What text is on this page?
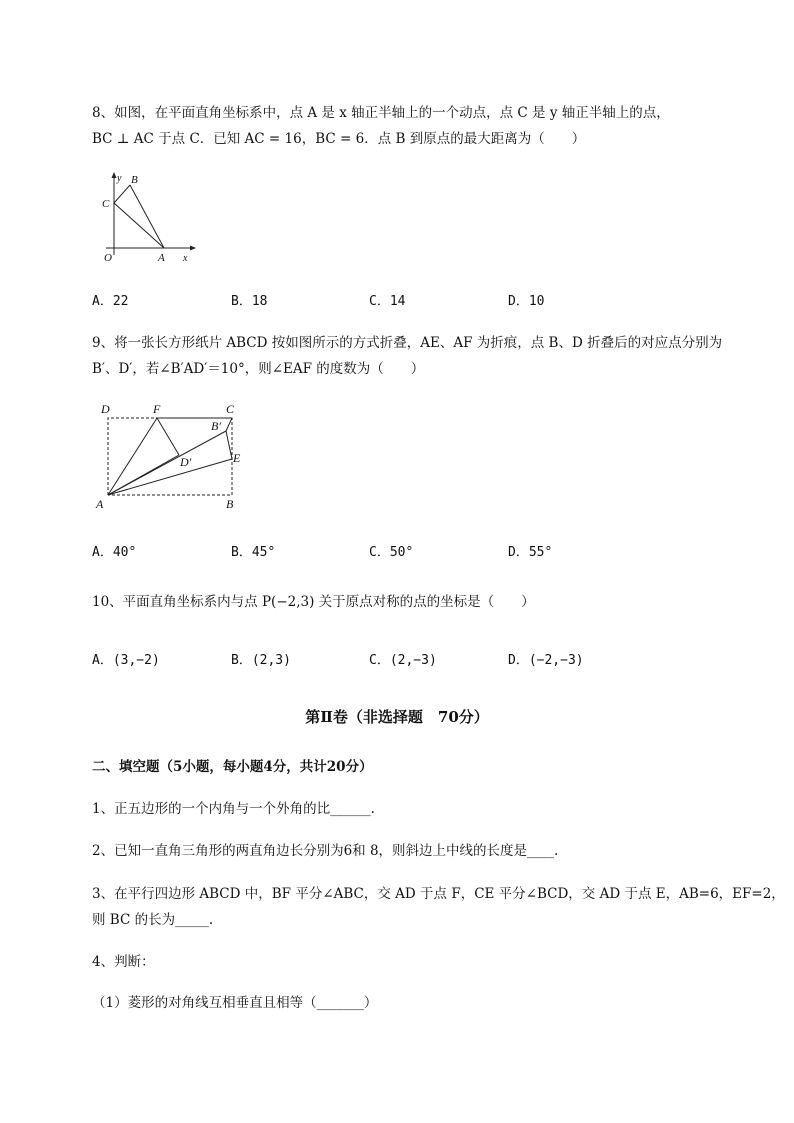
8、如图，在平面直角坐标系中，点 A 是 x 轴正半轴上的一个动点，点 C 是 y 轴正半轴上的点，
BC ⊥ AC 于点 C．已知 AC = 16，BC = 6．点 B 到原点的最大距离为（　　）
y B
C
O	A x
A．22	B．18	C．14	D．10
9、将一张长方形纸片 ABCD 按如图所示的方式折叠，AE、AF 为折痕，点 B、D 折叠后的对应点分别为
B′、D′，若∠B′AD′＝10°，则∠EAF 的度数为（　　）
D	F	C
B′
D′	E
A	B
A．40°	B．45°	C．50°	D．55°
10、平面直角坐标系内与点 P(−2,3) 关于原点对称的点的坐标是（　　）
A．(3,−2)	B．(2,3)	C．(2,−3)	D．(−2,−3)
第Ⅱ卷（非选择题　70分）
二、填空题（5小题，每小题4分，共计20分）
1、正五边形的一个内角与一个外角的比______.
2、已知一直角三角形的两直角边长分别为6和 8，则斜边上中线的长度是____.
3、在平行四边形 ABCD 中，BF 平分∠ABC，交 AD 于点 F，CE 平分∠BCD，交 AD 于点 E，AB=6，EF=2，
则 BC 的长为_____.
4、判断：
（1）菱形的对角线互相垂直且相等（_______）
